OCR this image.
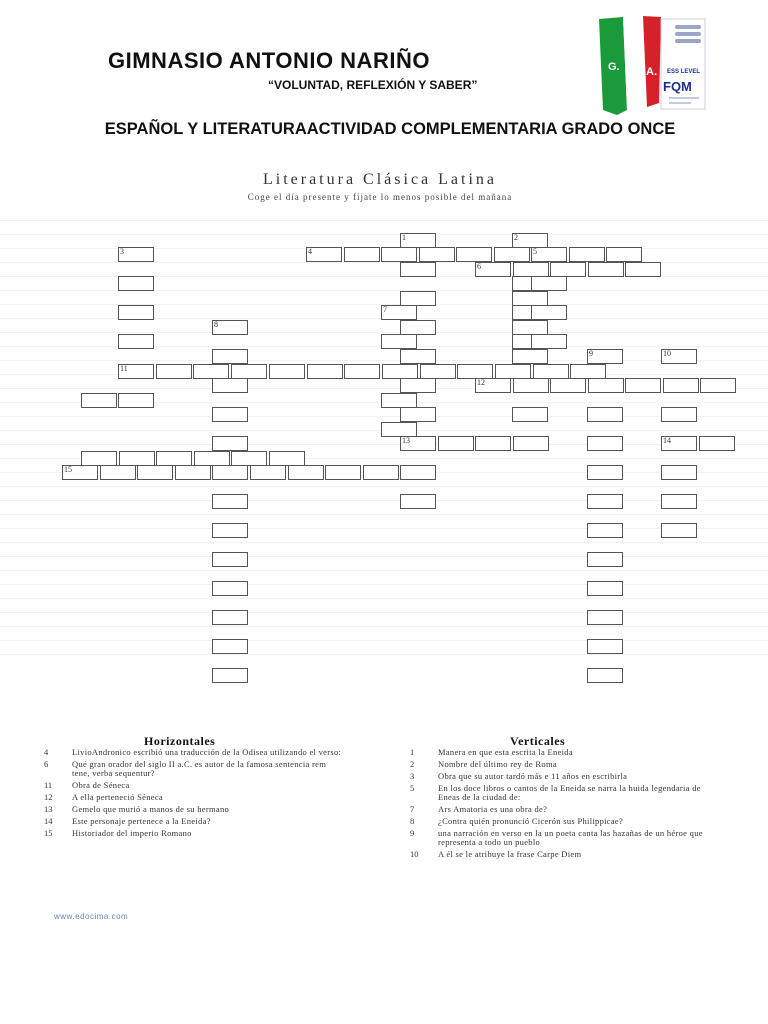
GIMNASIO ANTONIO NARIÑO
“VOLUNTAD, REFLEXIÓN Y SABER”
ESPAÑOL Y LITERATURAACTIVIDAD COMPLEMENTARIA GRADO ONCE
G. A.
N.
ESS LEVEL
FQM
Literatura Clásica Latina
Coge el día presente y fíjate lo menos posible del mañana
1	2
3	4	5
6
7
8
9	10
11
12
13	14
15
Horizontales
4	LivioAndronico escribió una traducción de la Odisea utilizando el verso:
6	Qué gran orador del siglo II a.C. es autor de la famosa sentencia rem tene, verba sequentur?
11	Obra de Séneca
12	A ella perteneció Séneca
13	Gemelo que murió a manos de su hermano
14	Este personaje pertenece a la Eneida?
15	Historiador del imperio Romano
Verticales
1	Manera en que esta escrita la Eneida
2	Nombre del último rey de Roma
3	Obra que su autor tardó más e 11 años en escribirla
5	En los doce libros o cantos de la Eneida se narra la huida legendaria de Eneas de la ciudad de:
7	Ars Amatoria es una obra de?
8	¿Contra quién pronunció Cicerón sus Philippicae?
9	una narración en verso en la un poeta canta las hazañas de un héroe que representa a todo un pueblo
10	A él se le atribuye la frase Carpe Diem
www.edocima.com
